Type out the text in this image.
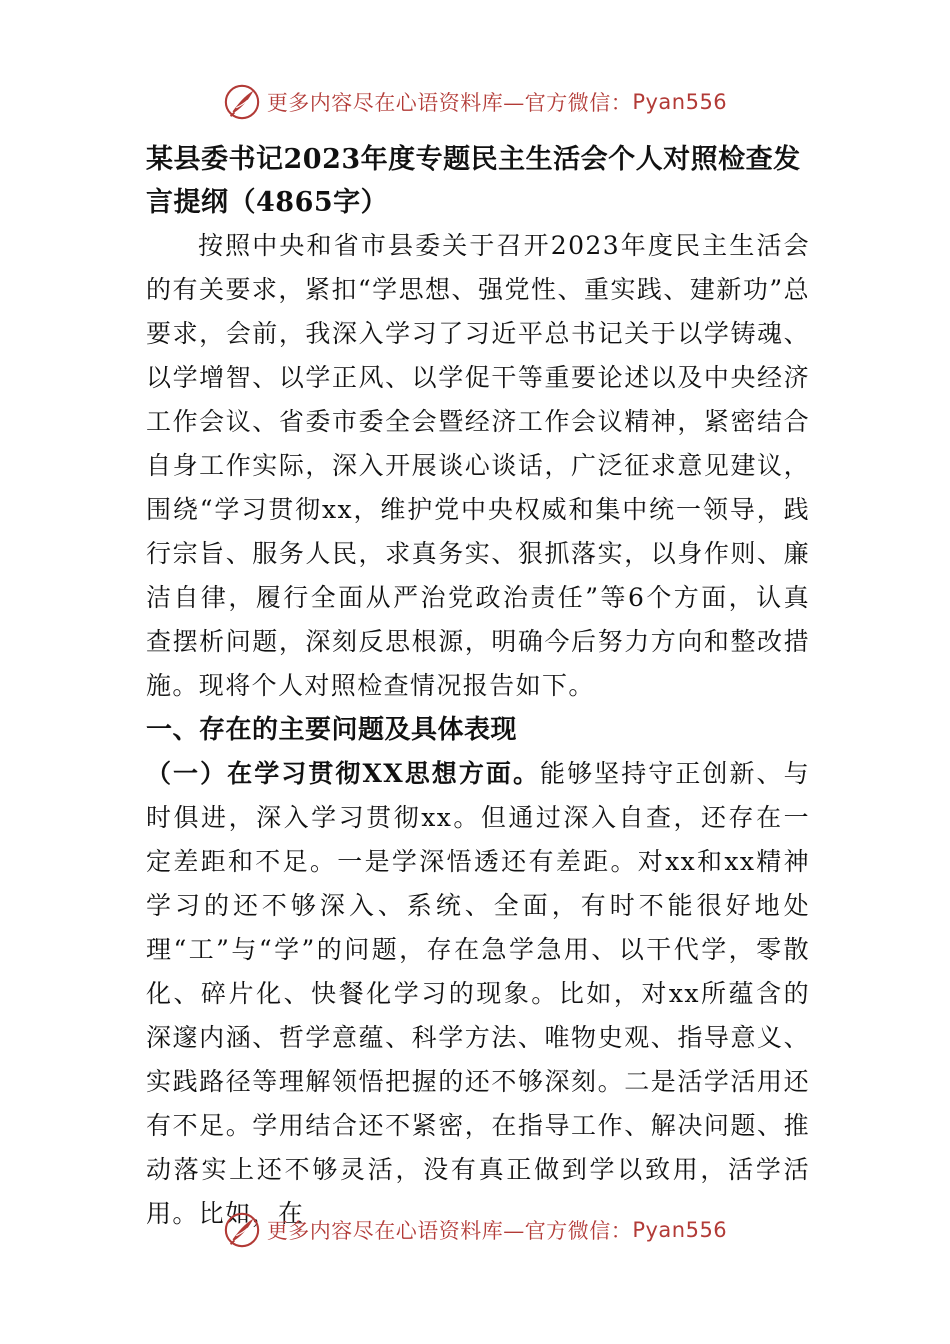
更多内容尽在心语资料库—官方微信： Pyan556

某县委书记2023年度专题民主生活会个人对照检查发言提纲（4865字）

按照中央和省市县委关于召开2023年度民主生活会的有关要求，紧扣“学思想、强党性、重实践、建新功”总要求，会前，我深入学习了习近平总书记关于以学铸魂、以学增智、以学正风、以学促干等重要论述以及中央经济工作会议、省委市委全会暨经济工作会议精神，紧密结合自身工作实际，深入开展谈心谈话，广泛征求意见建议，围绕“学习贯彻xx，维护党中央权威和集中统一领导，践行宗旨、服务人民，求真务实、狠抓落实，以身作则、廉洁自律，履行全面从严治党政治责任”等6个方面，认真查摆析问题，深刻反思根源，明确今后努力方向和整改措施。现将个人对照检查情况报告如下。

一、存在的主要问题及具体表现

（一）在学习贯彻XX思想方面。能够坚持守正创新、与时俱进，深入学习贯彻xx。但通过深入自查，还存在一定差距和不足。一是学深悟透还有差距。对xx和xx精神学习的还不够深入、系统、全面，有时不能很好地处理“工”与“学”的问题，存在急学急用、以干代学，零散化、碎片化、快餐化学习的现象。比如，对xx所蕴含的深邃内涵、哲学意蕴、科学方法、唯物史观、指导意义、实践路径等理解领悟把握的还不够深刻。二是活学活用还有不足。学用结合还不紧密，在指导工作、解决问题、推动落实上还不够灵活，没有真正做到学以致用，活学活用。比如，在

更多内容尽在心语资料库—官方微信： Pyan556
